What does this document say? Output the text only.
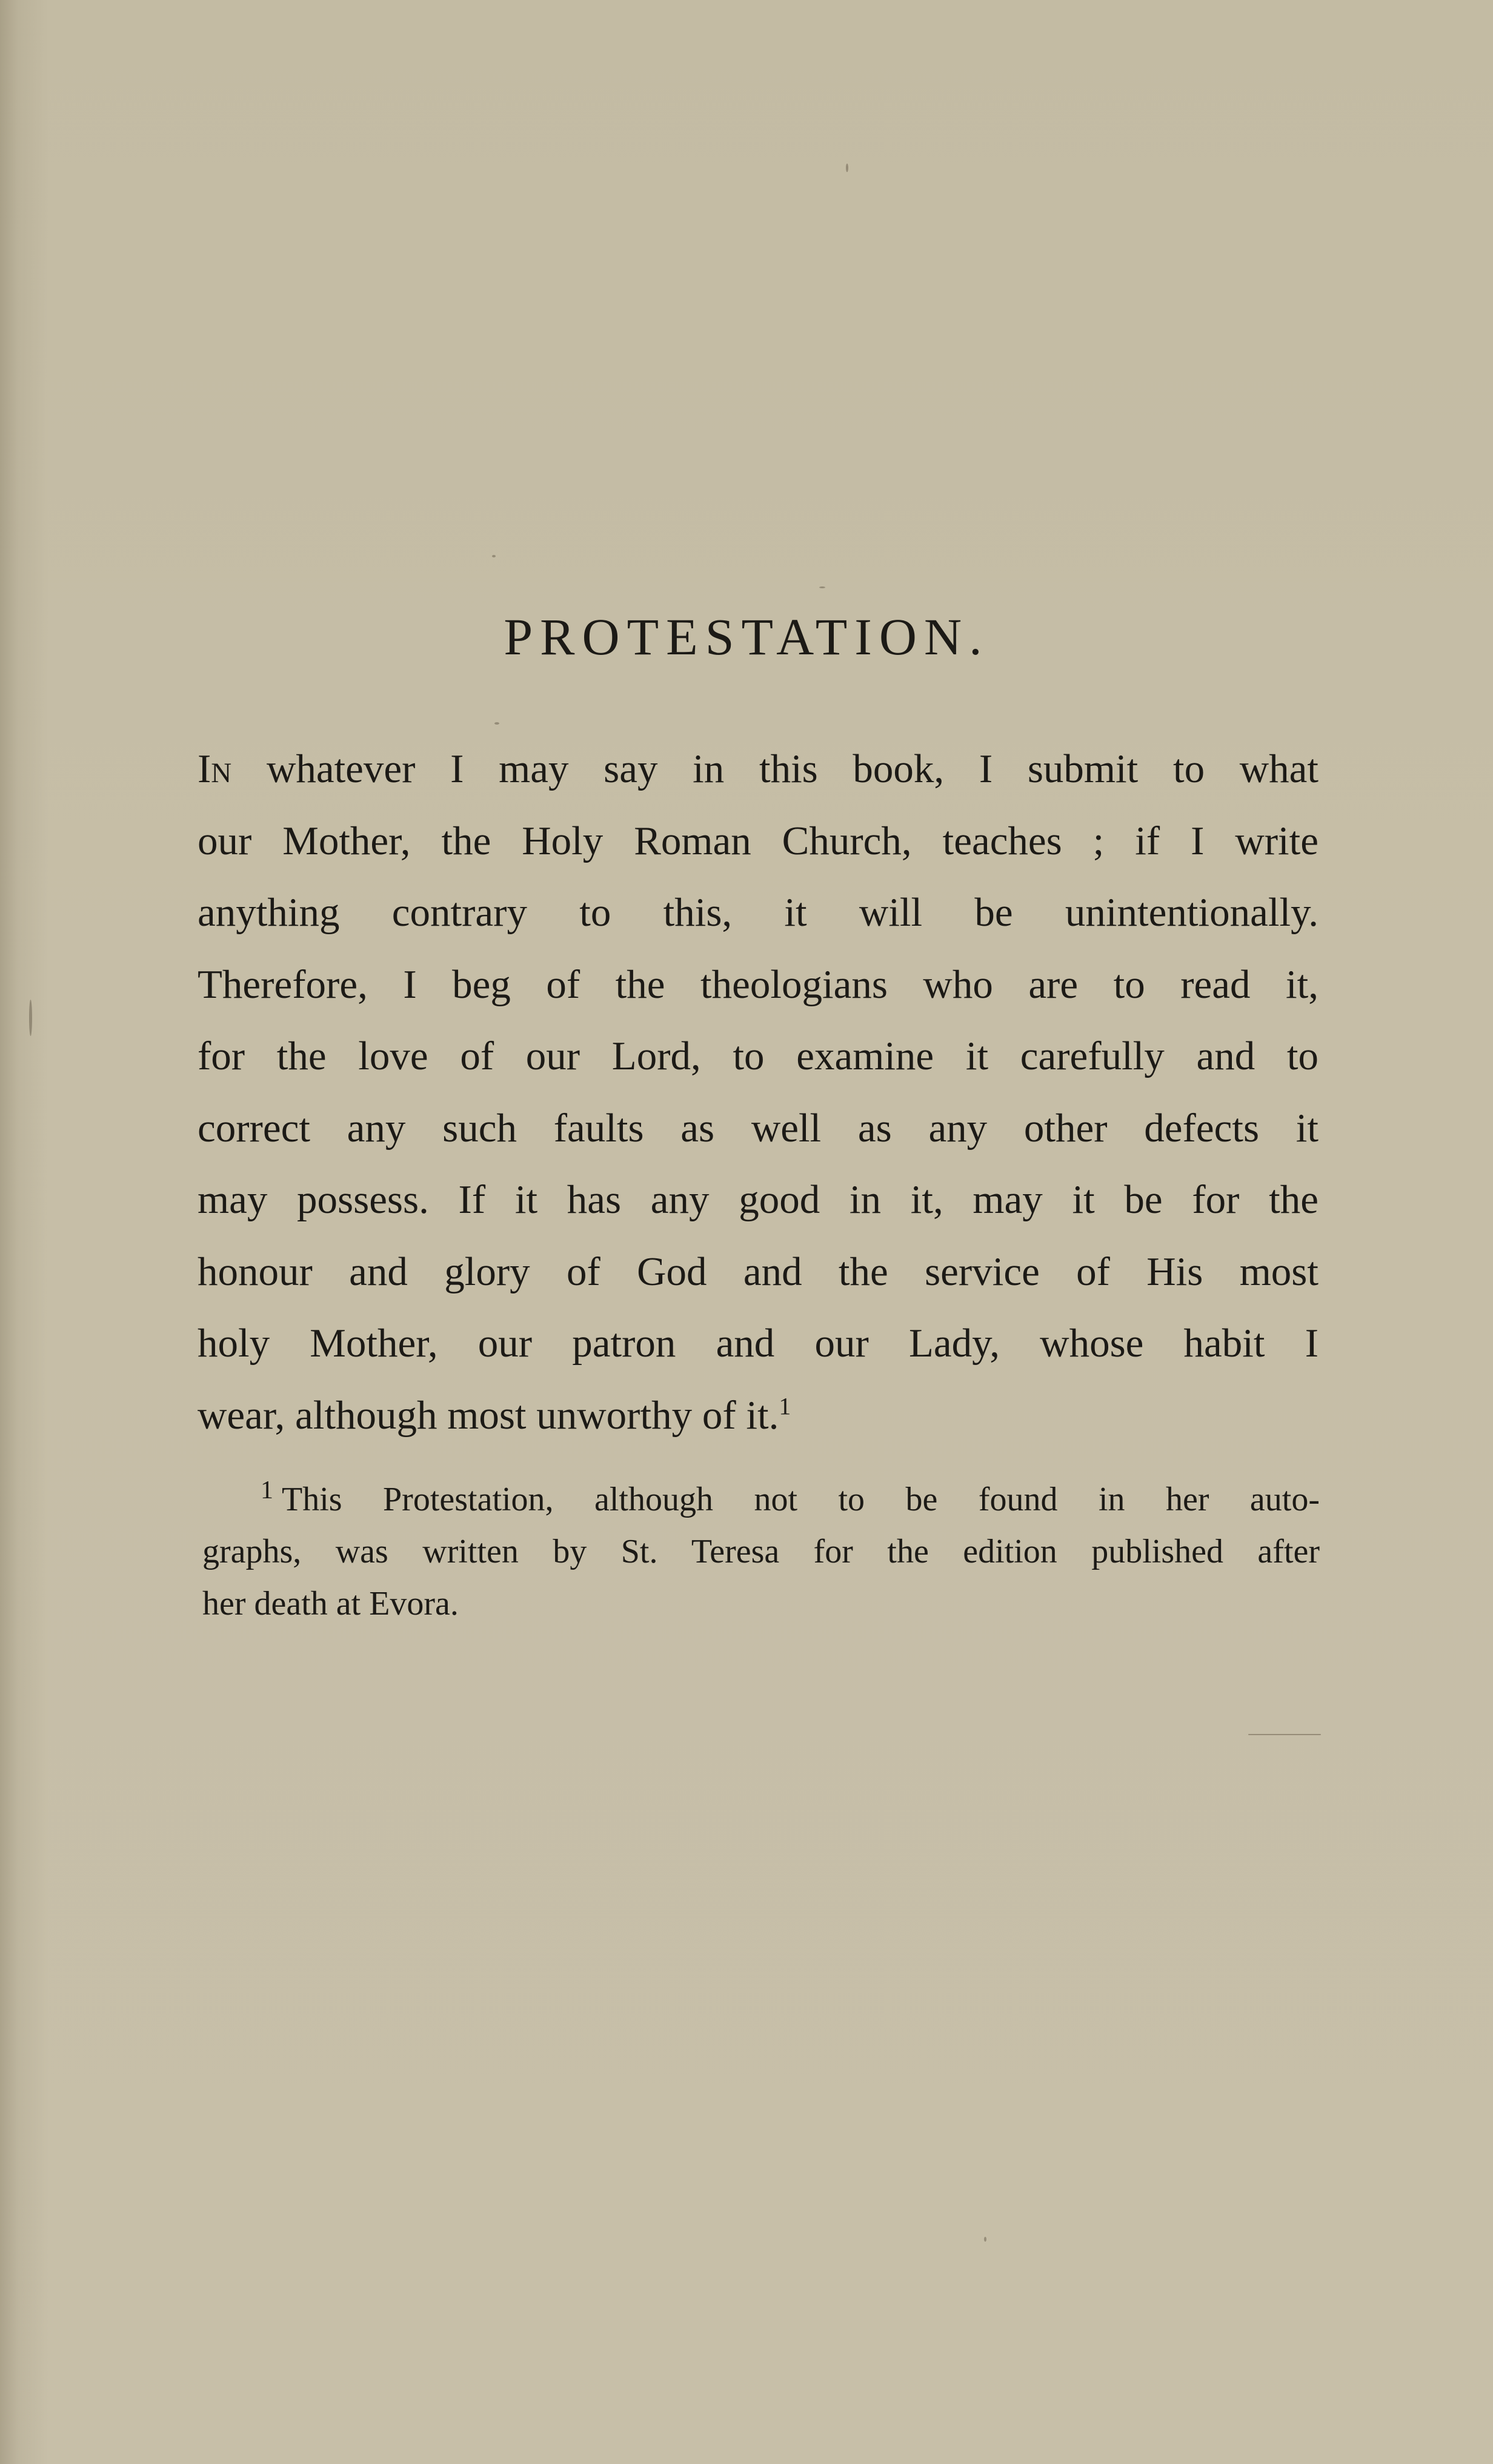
PROTESTATION.
In whatever I may say in this book, I submit to what
our Mother, the Holy Roman Church, teaches ; if I write
anything contrary to this, it will be unintentionally.
Therefore, I beg of the theologians who are to read it,
for the love of our Lord, to examine it carefully and to
correct any such faults as well as any other defects it
may possess. If it has any good in it, may it be for the
honour and glory of God and the service of His most
holy Mother, our patron and our Lady, whose habit I
wear, although most unworthy of it.$^1$
$^1$ This Protestation, although not to be found in her auto-
graphs, was written by St. Teresa for the edition published after
her death at Evora.
